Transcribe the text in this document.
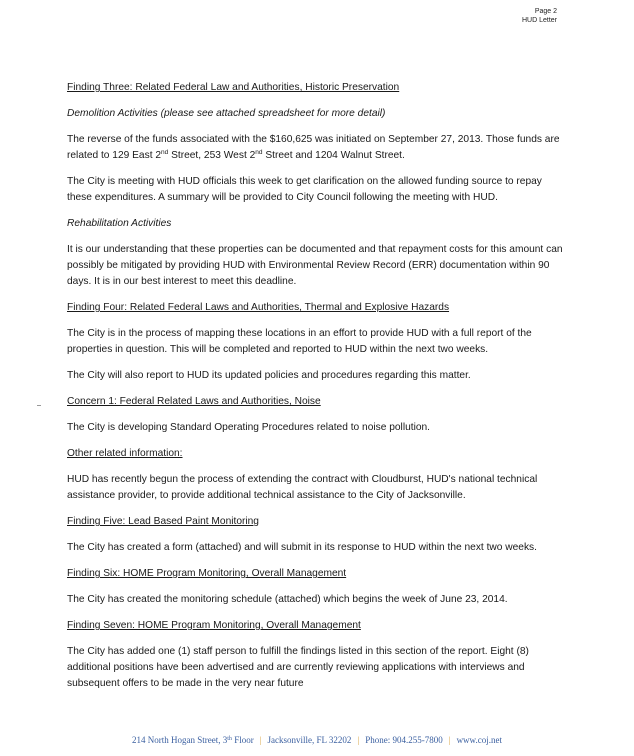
Page 2
HUD Letter

Finding Three: Related Federal Law and Authorities, Historic Preservation

Demolition Activities (please see attached spreadsheet for more detail)

The reverse of the funds associated with the $160,625 was initiated on September 27, 2013. Those funds are related to 129 East 2nd Street, 253 West 2nd Street and 1204 Walnut Street.

The City is meeting with HUD officials this week to get clarification on the allowed funding source to repay these expenditures. A summary will be provided to City Council following the meeting with HUD.

Rehabilitation Activities

It is our understanding that these properties can be documented and that repayment costs for this amount can possibly be mitigated by providing HUD with Environmental Review Record (ERR) documentation within 90 days. It is in our best interest to meet this deadline.

Finding Four: Related Federal Laws and Authorities, Thermal and Explosive Hazards

The City is in the process of mapping these locations in an effort to provide HUD with a full report of the properties in question. This will be completed and reported to HUD within the next two weeks.

The City will also report to HUD its updated policies and procedures regarding this matter.

Concern 1: Federal Related Laws and Authorities, Noise

The City is developing Standard Operating Procedures related to noise pollution.

Other related information:

HUD has recently begun the process of extending the contract with Cloudburst, HUD's national technical assistance provider, to provide additional technical assistance to the City of Jacksonville.

Finding Five: Lead Based Paint Monitoring

The City has created a form (attached) and will submit in its response to HUD within the next two weeks.

Finding Six: HOME Program Monitoring, Overall Management

The City has created the monitoring schedule (attached) which begins the week of June 23, 2014.

Finding Seven: HOME Program Monitoring, Overall Management

The City has added one (1) staff person to fulfill the findings listed in this section of the report. Eight (8) additional positions have been advertised and are currently reviewing applications with interviews and subsequent offers to be made in the very near future

214 North Hogan Street, 3th Floor | Jacksonville, FL 32202 | Phone: 904.255-7800 | www.coj.net
